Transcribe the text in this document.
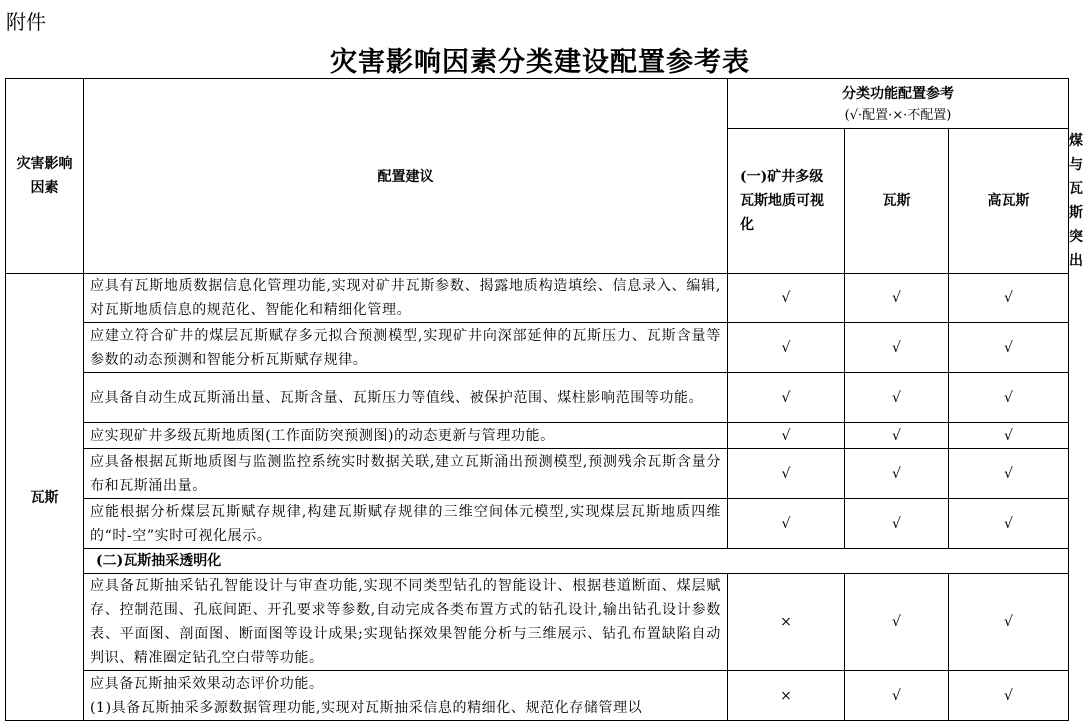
附件
灾害影响因素分类建设配置参考表
灾害影响因素	配置建议	分类功能配置参考
(√·配置·×·不配置)			

		(一)矿井多级瓦斯地质可视化	瓦斯	高瓦斯	煤与瓦斯突出
瓦斯	应具有瓦斯地质数据信息化管理功能,实现对矿井瓦斯参数、揭露地质构造填绘、信息录入、编辑,对瓦斯地质信息的规范化、智能化和精细化管理。	√	√	√	
	应建立符合矿井的煤层瓦斯赋存多元拟合预测模型,实现矿井向深部延伸的瓦斯压力、瓦斯含量等参数的动态预测和智能分析瓦斯赋存规律。	√	√	√	
	应具备自动生成瓦斯涌出量、瓦斯含量、瓦斯压力等值线、被保护范围、煤柱影响范围等功能。	√	√	√	
	应实现矿井多级瓦斯地质图(工作面防突预测图)的动态更新与管理功能。	√	√	√	
	应具备根据瓦斯地质图与监测监控系统实时数据关联,建立瓦斯涌出预测模型,预测残余瓦斯含量分布和瓦斯涌出量。	√	√	√	
	应能根据分析煤层瓦斯赋存规律,构建瓦斯赋存规律的三维空间体元模型,实现煤层瓦斯地质四维的“时-空”实时可视化展示。	√	√	√	
	(二)瓦斯抽采透明化				
	应具备瓦斯抽采钻孔智能设计与审查功能,实现不同类型钻孔的智能设计、根据巷道断面、煤层赋存、控制范围、孔底间距、开孔要求等参数,自动完成各类布置方式的钻孔设计,输出钻孔设计参数表、平面图、剖面图、断面图等设计成果;实现钻探效果智能分析与三维展示、钻孔布置缺陷自动判识、精准圈定钻孔空白带等功能。	×	√	√	

	应具备瓦斯抽采效果动态评价功能。
(1)具备瓦斯抽采多源数据管理功能,实现对瓦斯抽采信息的精细化、规范化存储管理以	×	√	√	
